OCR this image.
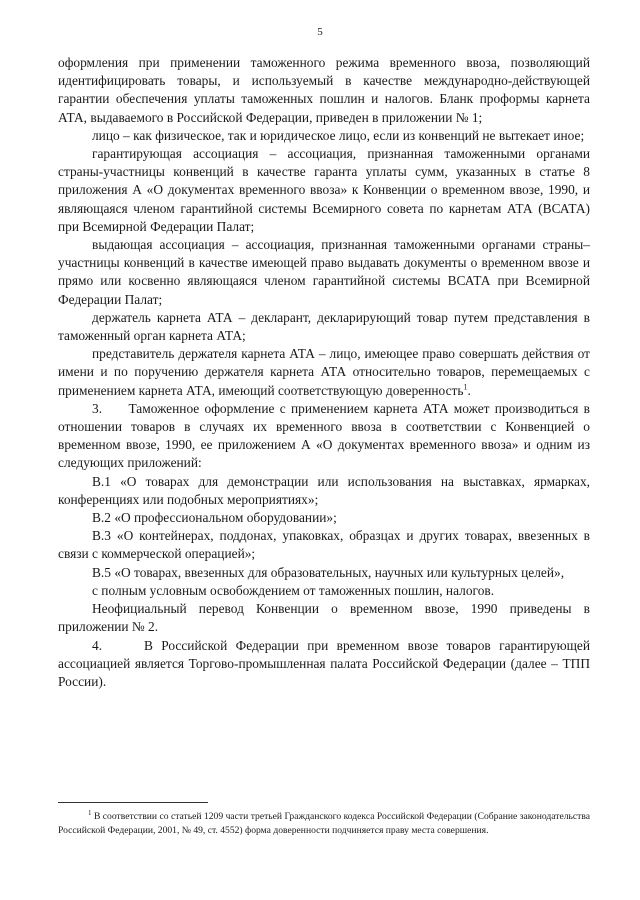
5

оформления при применении таможенного режима временного ввоза, позволяющий идентифицировать товары, и используемый в качестве международно-действующей гарантии обеспечения уплаты таможенных пошлин и налогов. Бланк проформы карнета АТА, выдаваемого в Российской Федерации, приведен в приложении № 1;

лицо – как физическое, так и юридическое лицо, если из конвенций не вытекает иное;

гарантирующая ассоциация – ассоциация, признанная таможенными органами страны-участницы конвенций в качестве гаранта уплаты сумм, указанных в статье 8 приложения А «О документах временного ввоза» к Конвенции о временном ввозе, 1990, и являющаяся членом гарантийной системы Всемирного совета по карнетам АТА (ВСАТА) при Всемирной Федерации Палат;

выдающая ассоциация – ассоциация, признанная таможенными органами страны–участницы конвенций в качестве имеющей право выдавать документы о временном ввозе и прямо или косвенно являющаяся членом гарантийной системы ВСАТА при Всемирной Федерации Палат;

держатель карнета АТА – декларант, декларирующий товар путем представления в таможенный орган карнета АТА;

представитель держателя карнета АТА – лицо, имеющее право совершать действия от имени и по поручению держателя карнета АТА относительно товаров, перемещаемых с применением карнета АТА, имеющий соответствующую доверенность$^1$.

3.     Таможенное оформление с применением карнета АТА может производиться в отношении товаров в случаях их временного ввоза в соответствии с Конвенцией о временном ввозе, 1990, ее приложением А «О документах временного ввоза» и одним из следующих приложений:

B.1 «О товарах для демонстрации или использования на выставках, ярмарках, конференциях или подобных мероприятиях»;

B.2 «О профессиональном оборудовании»;

B.3 «О контейнерах, поддонах, упаковках, образцах и других товарах, ввезенных в связи с коммерческой операцией»;

B.5 «О товарах, ввезенных для образовательных, научных или культурных целей»,

с полным условным освобождением от таможенных пошлин, налогов.

Неофициальный перевод Конвенции о временном ввозе, 1990 приведены в приложении № 2.

4.     В Российской Федерации при временном ввозе товаров гарантирующей ассоциацией является Торгово-промышленная палата Российской Федерации (далее – ТПП России).

$^1$ В соответствии со статьей 1209 части третьей Гражданского кодекса Российской Федерации (Собрание законодательства Российской Федерации, 2001, № 49, ст. 4552) форма доверенности подчиняется праву места совершения.
